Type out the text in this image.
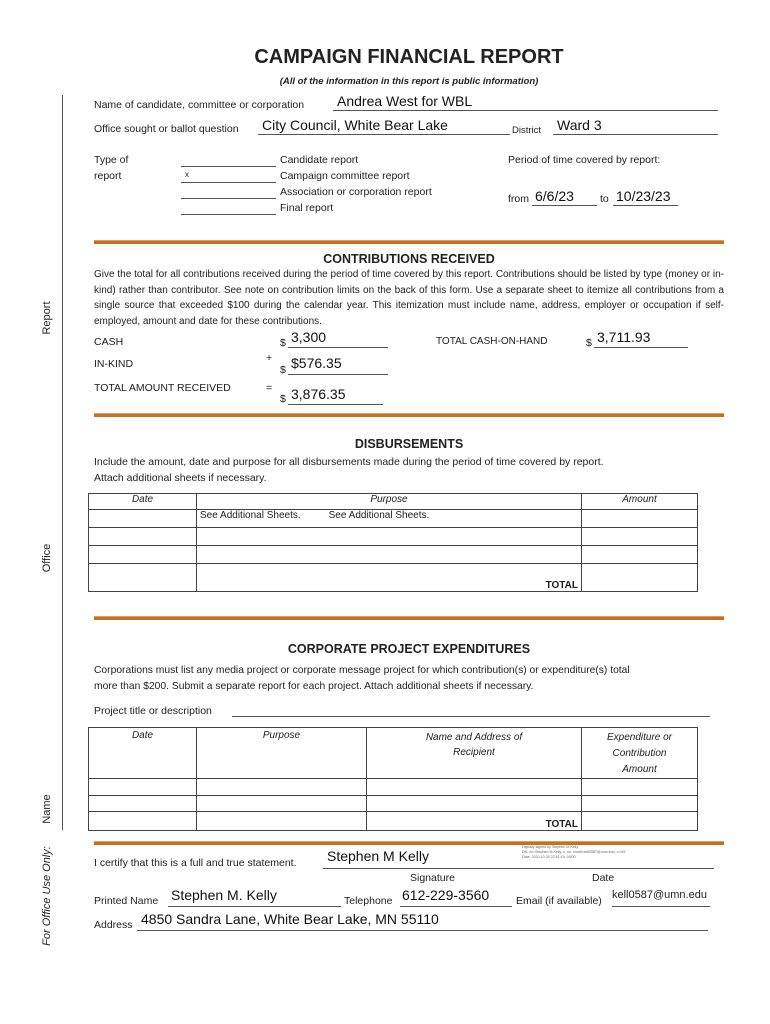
Report
Office
Name
For Office Use Only:
CAMPAIGN FINANCIAL REPORT
(All of the information in this report is public information)
Name of candidate, committee or corporation Andrea West for WBL
Office sought or ballot question City Council, White Bear Lake	District Ward 3
Type of
report
Candidate report
x	Campaign committee report
Association or corporation report
Final report
Period of time covered by report:
from 6/6/23 to 10/23/23
CONTRIBUTIONS RECEIVED
Give the total for all contributions received during the period of time covered by this report. Contributions should be listed by type (money or in-kind) rather than contributor. See note on contribution limits on the back of this form. Use a separate sheet to itemize all contributions from a single source that exceeded $100 during the calendar year. This itemization must include name, address, employer or occupation if self-employed, amount and date for these contributions.
CASH	$ 3,300	TOTAL CASH-ON-HAND	$ 3,711.93
IN-KIND	+
$ $576.35
TOTAL AMOUNT RECEIVED	=
$ 3,876.35
DISBURSEMENTS
Include the amount, date and purpose for all disbursements made during the period of time covered by report.
Attach additional sheets if necessary.
Date	Purpose	Amount
	See Additional Sheets. See Additional Sheets.	

	TOTAL	
CORPORATE PROJECT EXPENDITURES
Corporations must list any media project or corporate message project for which contribution(s) or expenditure(s) total
more than $200. Submit a separate report for each project. Attach additional sheets if necessary.
Project title or description
Date	Purpose	Name and Address of Recipient	Expenditure or Contribution Amount

		TOTAL	
I certify that this is a full and true statement. Stephen M Kelly
Digitally signed by Stephen M Kelly
DN: cn=Stephen M Kelly, o, ou, email=kell0587@umn.edu, c=US
Date: 2023.10.26 22:41:19 -05'00'
Signature	Date
Printed Name Stephen M. Kelly	Telephone 612-229-3560	Email (if available) kell0587@umn.edu
Address 4850 Sandra Lane, White Bear Lake, MN 55110
